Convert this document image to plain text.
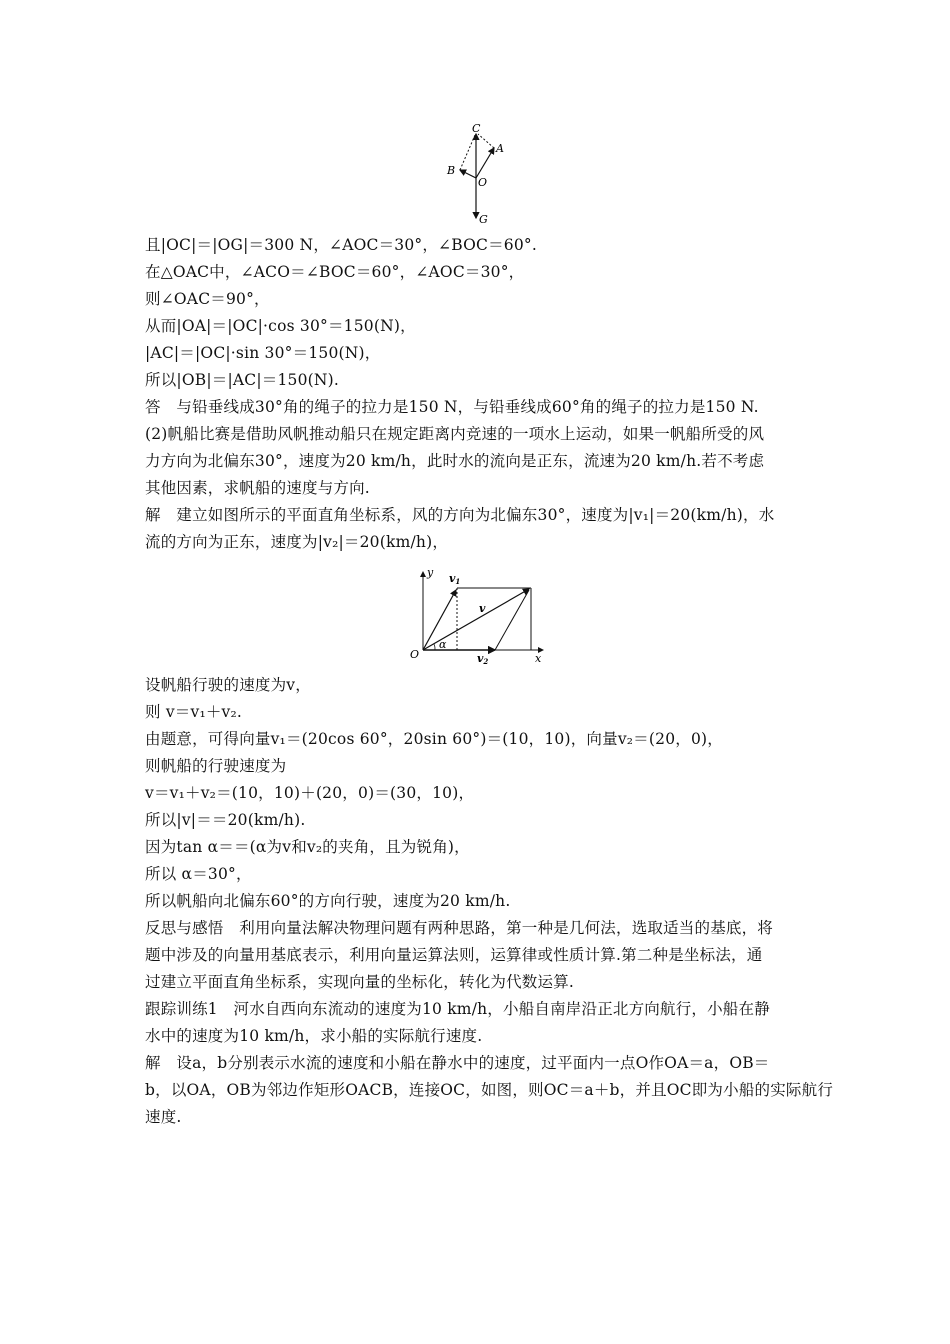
C
A
B
O
G
y v1
v
α
O	v2	x
且|OC|＝|OG|＝300 N，∠AOC＝30°，∠BOC＝60°.
在△OAC中，∠ACO＝∠BOC＝60°，∠AOC＝30°，
则∠OAC＝90°，
从而|OA|＝|OC|·cos 30°＝150(N)，
|AC|＝|OC|·sin 30°＝150(N)，
所以|OB|＝|AC|＝150(N).
答　与铅垂线成30°角的绳子的拉力是150 N，与铅垂线成60°角的绳子的拉力是150 N.
(2)帆船比赛是借助风帆推动船只在规定距离内竞速的一项水上运动，如果一帆船所受的风
力方向为北偏东30°，速度为20 km/h，此时水的流向是正东，流速为20 km/h.若不考虑
其他因素，求帆船的速度与方向.
解　建立如图所示的平面直角坐标系，风的方向为北偏东30°，速度为|v₁|＝20(km/h)，水
流的方向为正东，速度为|v₂|＝20(km/h)，
设帆船行驶的速度为v，
则 v＝v₁＋v₂.
由题意，可得向量v₁＝(20cos 60°，20sin 60°)＝(10，10)，向量v₂＝(20，0)，
则帆船的行驶速度为
v＝v₁＋v₂＝(10，10)＋(20，0)＝(30，10)，
所以|v|＝＝20(km/h).
因为tan α＝＝(α为v和v₂的夹角，且为锐角)，
所以 α＝30°，
所以帆船向北偏东60°的方向行驶，速度为20 km/h.
反思与感悟　利用向量法解决物理问题有两种思路，第一种是几何法，选取适当的基底，将
题中涉及的向量用基底表示，利用向量运算法则，运算律或性质计算.第二种是坐标法，通
过建立平面直角坐标系，实现向量的坐标化，转化为代数运算.
跟踪训练1　河水自西向东流动的速度为10 km/h，小船自南岸沿正北方向航行，小船在静
水中的速度为10 km/h，求小船的实际航行速度.
解　设a，b分别表示水流的速度和小船在静水中的速度，过平面内一点O作OA＝a，OB＝
b，以OA，OB为邻边作矩形OACB，连接OC，如图，则OC＝a＋b，并且OC即为小船的实际航行
速度.
